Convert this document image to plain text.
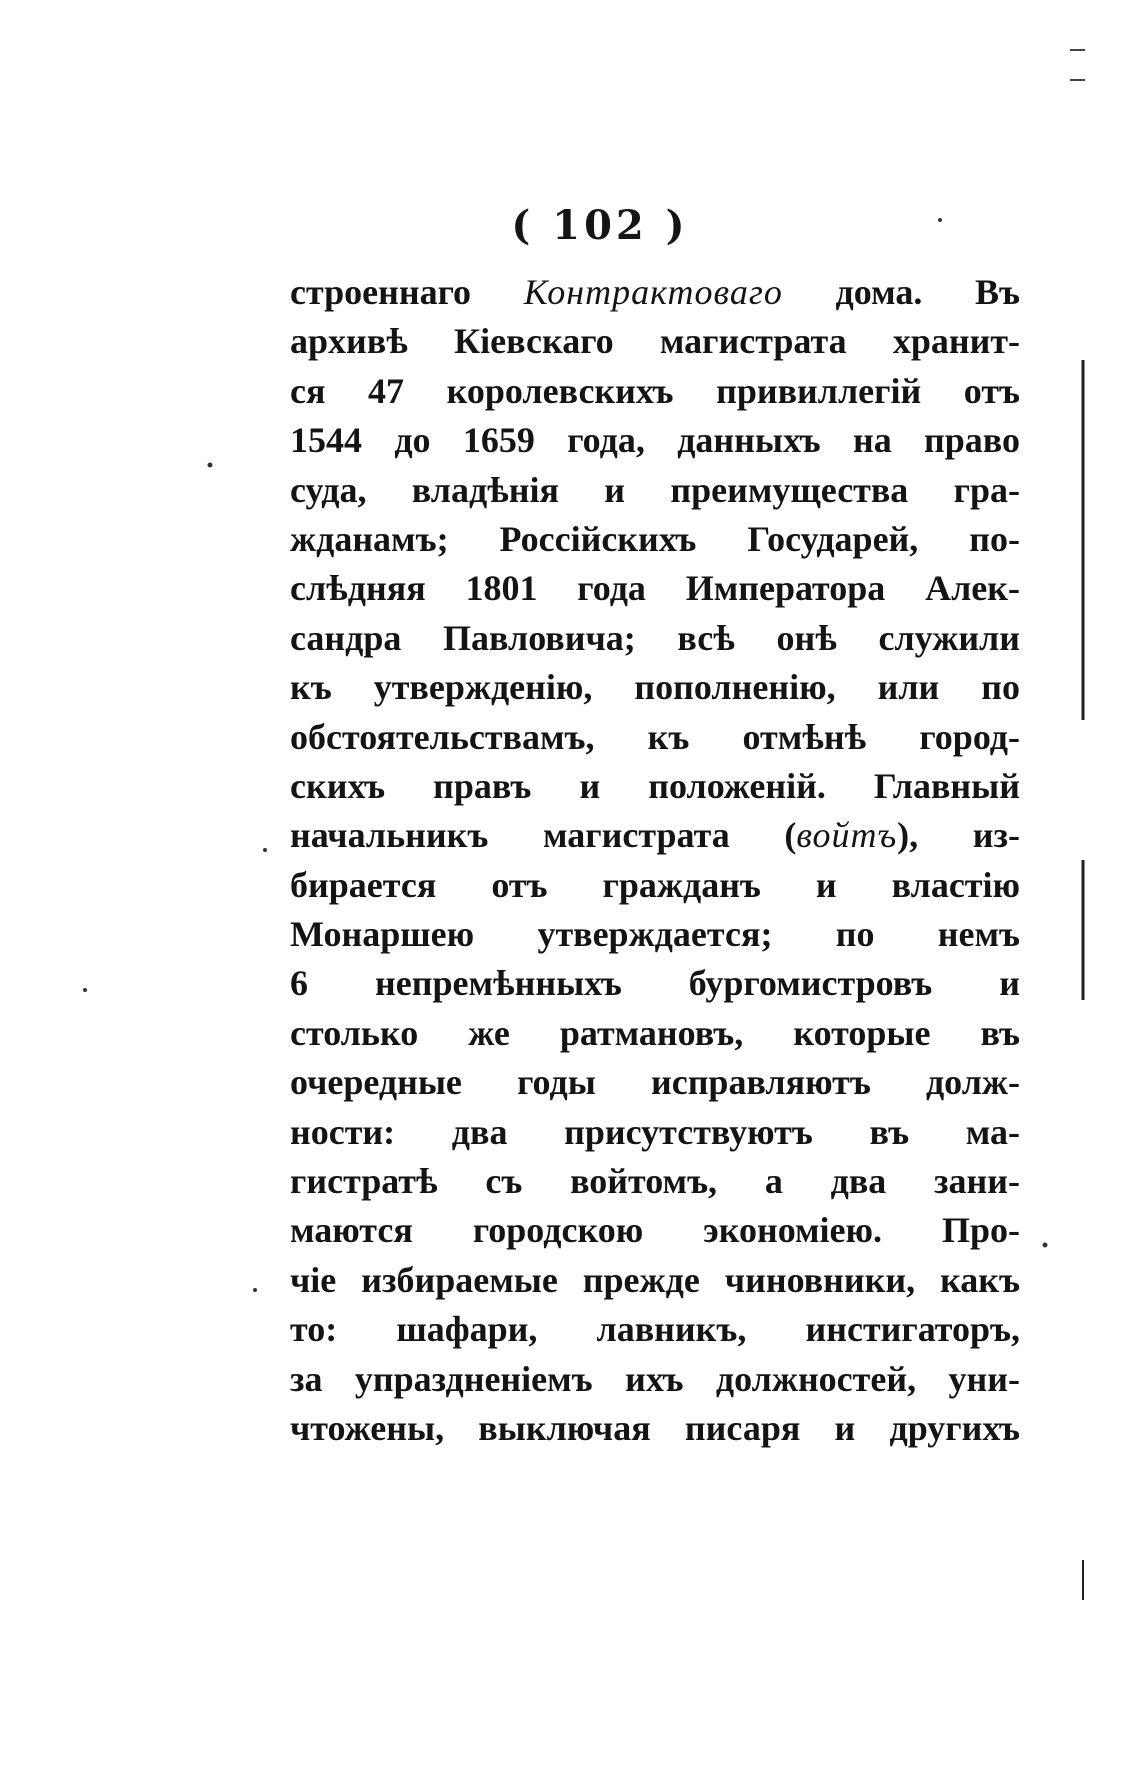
( 102 )
строеннаго Контрактоваго дома. Въ
архивѣ Кіевскаго магистрата хранит-
ся 47 королевскихъ привиллегій отъ
1544 до 1659 года, данныхъ на право
суда, владѣнія и преимущества гра-
жданамъ; Россійскихъ Государей, по-
слѣдняя 1801 года Императора Алек-
сандра Павловича; всѣ онѣ служили
къ утвержденію, пополненію, или по
обстоятельствамъ, къ отмѣнѣ город-
скихъ правъ и положеній. Главный
начальникъ магистрата (войтъ), из-
бирается отъ гражданъ и властію
Монаршею утверждается; по немъ
6 непремѣнныхъ бургомистровъ и
столько же ратмановъ, которые въ
очередные годы исправляютъ долж-
ности: два присутствуютъ въ ма-
гистратѣ съ войтомъ, а два зани-
маются городскою экономіею. Про-
чіе избираемые прежде чиновники, какъ
то: шафари, лавникъ, инстигаторъ,
за упраздненіемъ ихъ должностей, уни-
чтожены, выключая писаря и другихъ
